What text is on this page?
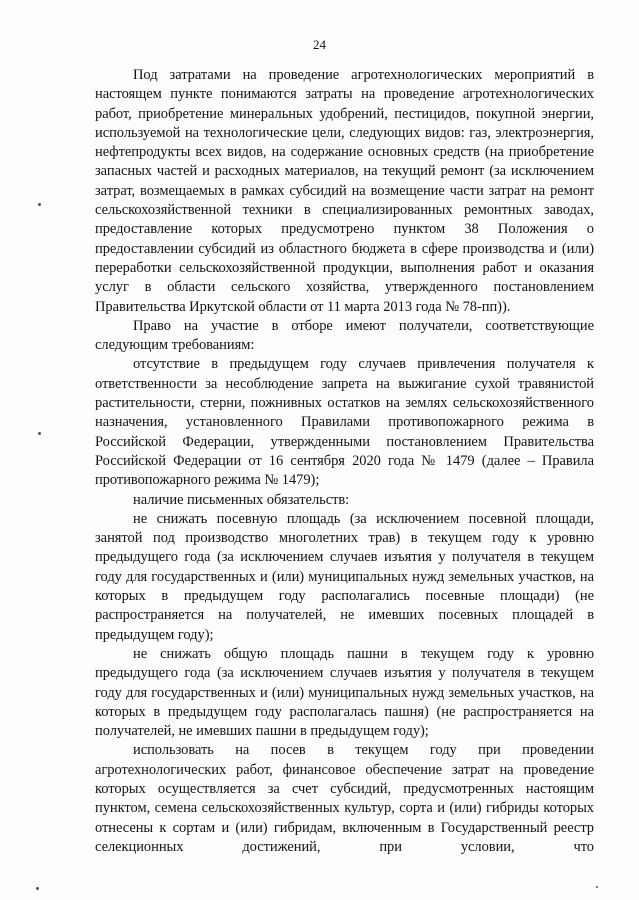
24

Под затратами на проведение агротехнологических мероприятий в настоящем пункте понимаются затраты на проведение агротехнологических работ, приобретение минеральных удобрений, пестицидов, покупной энергии, используемой на технологические цели, следующих видов: газ, электроэнергия, нефтепродукты всех видов, на содержание основных средств (на приобретение запасных частей и расходных материалов, на текущий ремонт (за исключением затрат, возмещаемых в рамках субсидий на возмещение части затрат на ремонт сельскохозяйственной техники в специализированных ремонтных заводах, предоставление которых предусмотрено пунктом 38 Положения о предоставлении субсидий из областного бюджета в сфере производства и (или) переработки сельскохозяйственной продукции, выполнения работ и оказания услуг в области сельского хозяйства, утвержденного постановлением Правительства Иркутской области от 11 марта 2013 года № 78-пп)).

Право на участие в отборе имеют получатели, соответствующие следующим требованиям:

отсутствие в предыдущем году случаев привлечения получателя к ответственности за несоблюдение запрета на выжигание сухой травянистой растительности, стерни, пожнивных остатков на землях сельскохозяйственного назначения, установленного Правилами противопожарного режима в Российской Федерации, утвержденными постановлением Правительства Российской Федерации от 16 сентября 2020 года № 1479 (далее – Правила противопожарного режима № 1479);

наличие письменных обязательств:

не снижать посевную площадь (за исключением посевной площади, занятой под производство многолетних трав) в текущем году к уровню предыдущего года (за исключением случаев изъятия у получателя в текущем году для государственных и (или) муниципальных нужд земельных участков, на которых в предыдущем году располагались посевные площади) (не распространяется на получателей, не имевших посевных площадей в предыдущем году);

не снижать общую площадь пашни в текущем году к уровню предыдущего года (за исключением случаев изъятия у получателя в текущем году для государственных и (или) муниципальных нужд земельных участков, на которых в предыдущем году располагалась пашня) (не распространяется на получателей, не имевших пашни в предыдущем году);

использовать на посев в текущем году при проведении агротехнологических работ, финансовое обеспечение затрат на проведение которых осуществляется за счет субсидий, предусмотренных настоящим пунктом, семена сельскохозяйственных культур, сорта и (или) гибриды которых отнесены к сортам и (или) гибридам, включенным в Государственный реестр селекционных достижений, при условии, что
